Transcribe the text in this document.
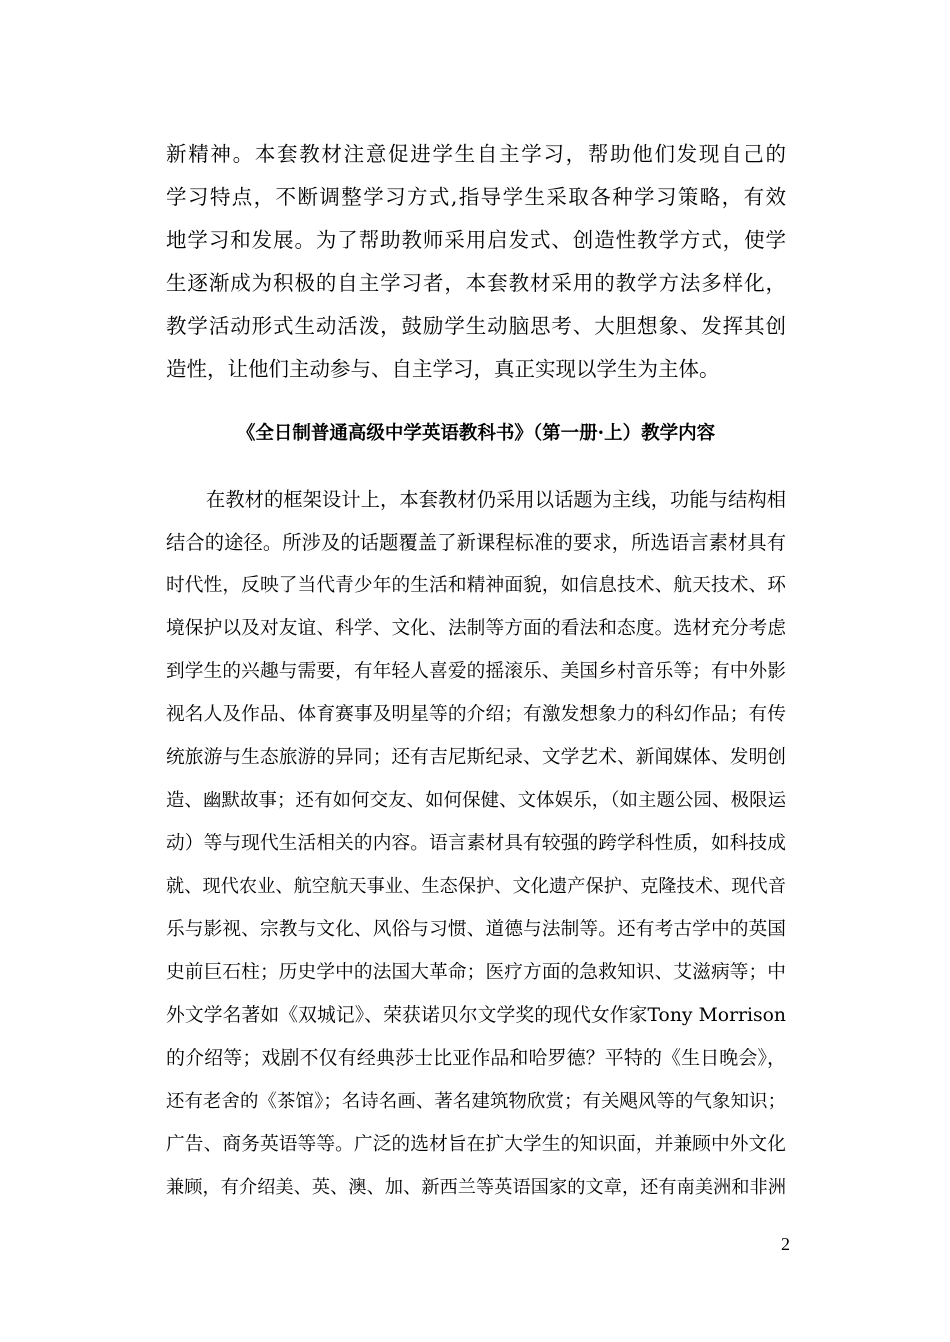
新精神。本套教材注意促进学生自主学习，帮助他们发现自己的
学习特点，不断调整学习方式,指导学生采取各种学习策略，有效
地学习和发展。为了帮助教师采用启发式、创造性教学方式，使学
生逐渐成为积极的自主学习者，本套教材采用的教学方法多样化，
教学活动形式生动活泼，鼓励学生动脑思考、大胆想象、发挥其创
造性，让他们主动参与、自主学习，真正实现以学生为主体。
《全日制普通高级中学英语教科书》（第一册·上）教学内容
在教材的框架设计上，本套教材仍采用以话题为主线，功能与结构相
结合的途径。所涉及的话题覆盖了新课程标准的要求，所选语言素材具有
时代性，反映了当代青少年的生活和精神面貌，如信息技术、航天技术、环
境保护以及对友谊、科学、文化、法制等方面的看法和态度。选材充分考虑
到学生的兴趣与需要，有年轻人喜爱的摇滚乐、美国乡村音乐等；有中外影
视名人及作品、体育赛事及明星等的介绍；有激发想象力的科幻作品；有传
统旅游与生态旅游的异同；还有吉尼斯纪录、文学艺术、新闻媒体、发明创
造、幽默故事；还有如何交友、如何保健、文体娱乐，（如主题公园、极限运
动）等与现代生活相关的内容。语言素材具有较强的跨学科性质，如科技成
就、现代农业、航空航天事业、生态保护、文化遗产保护、克隆技术、现代音
乐与影视、宗教与文化、风俗与习惯、道德与法制等。还有考古学中的英国
史前巨石柱；历史学中的法国大革命；医疗方面的急救知识、艾滋病等；中
外文学名著如《双城记》、荣获诺贝尔文学奖的现代女作家Tony Morrison
的介绍等；戏剧不仅有经典莎士比亚作品和哈罗德？平特的《生日晚会》，
还有老舍的《茶馆》；名诗名画、著名建筑物欣赏；有关飓风等的气象知识；
广告、商务英语等等。广泛的选材旨在扩大学生的知识面，并兼顾中外文化
兼顾，有介绍美、英、澳、加、新西兰等英语国家的文章，还有南美洲和非洲
2
